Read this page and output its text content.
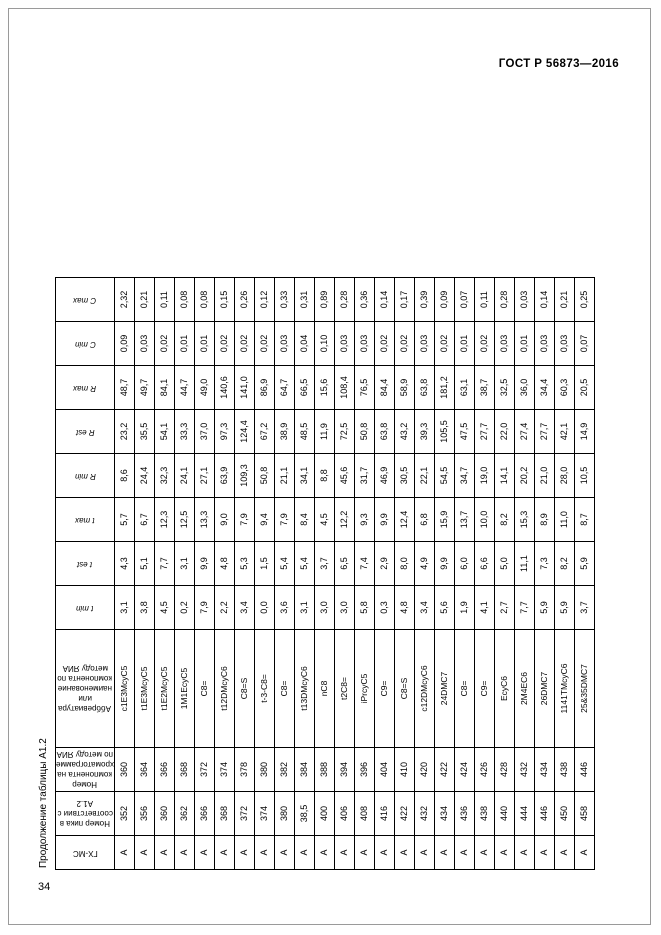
ГОСТ Р 56873—2016
Продолжение таблицы А1.2	ГХ-МС	Номер пика в соответствии с А1.2	Номер компонента на хроматограмме по методу ЯИА	Аббревиатура или наименование компонента по методу ЯИА	t min	t est	t max	R min	R est	R max	C min	C max

A	352	360	c1E3McyC5	3,1	4,3	5,7	8,6	23,2	48,7	0,09	2,32
A	356	364	t1E3McyC5	3,8	5,1	6,7	24,4	35,5	49,7	0,03	0,21
A	360	366	t1E2McyC5	4,5	7,7	12,3	32,3	54,1	84,1	0,02	0,11
A	362	368	1M1EcyC5	0,2	3,1	12,5	24,1	33,3	44,7	0,01	0,08
A	366	372	C8=	7,9	9,9	13,3	27,1	37,0	49,0	0,01	0,08
A	368	374	t12DMcyC6	2,2	4,8	9,0	63,9	97,3	140,6	0,02	0,15
A	372	378	C8=S	3,4	5,3	7,9	109,3	124,4	141,0	0,02	0,26
A	374	380	t-3-C8=	0,0	1,5	9,4	50,8	67,2	86,9	0,02	0,12
A	380	382	C8=	3,6	5,4	7,9	21,1	38,9	64,7	0,03	0,33
A	38,5	384	t13DMcyC6	3,1	5,4	8,4	34,1	48,5	66,5	0,04	0,31
A	400	388	nC8	3,0	3,7	4,5	8,8	11,9	15,6	0,10	0,89
A	406	394	t2C8=	3,0	6,5	12,2	45,6	72,5	108,4	0,03	0,28
A	408	396	iPrcyC5	5,8	7,4	9,3	31,7	50,8	76,5	0,03	0,36
A	416	404	C9=	0,3	2,9	9,9	46,9	63,8	84,4	0,02	0,14
A	422	410	C8=S	4,8	8,0	12,4	30,5	43,2	58,9	0,02	0,17
A	432	420	c12DMcyC6	3,4	4,9	6,8	22,1	39,3	63,8	0,03	0,39
A	434	422	24DMC7	5,6	9,9	15,9	54,5	105,5	181,2	0,02	0,09
A	436	424	C8=	1,9	6,0	13,7	34,7	47,5	63,1	0,01	0,07
A	438	426	C9=	4,1	6,6	10,0	19,0	27,7	38,7	0,02	0,11
A	440	428	EcyC6	2,7	5,0	8,2	14,1	22,0	32,5	0,03	0,28
A	444	432	2M4EC6	7,7	11,1	15,3	20,2	27,4	36,0	0,01	0,03
A	446	434	26DMC7	5,9	7,3	8,9	21,0	27,7	34,4	0,03	0,14
A	450	438	1141TMcyC6	5,9	8,2	11,0	28,0	42,1	60,3	0,03	0,21
A	458	446	25&35DMC7	3,7	5,9	8,7	10,5	14,9	20,5	0,07	0,25
34
